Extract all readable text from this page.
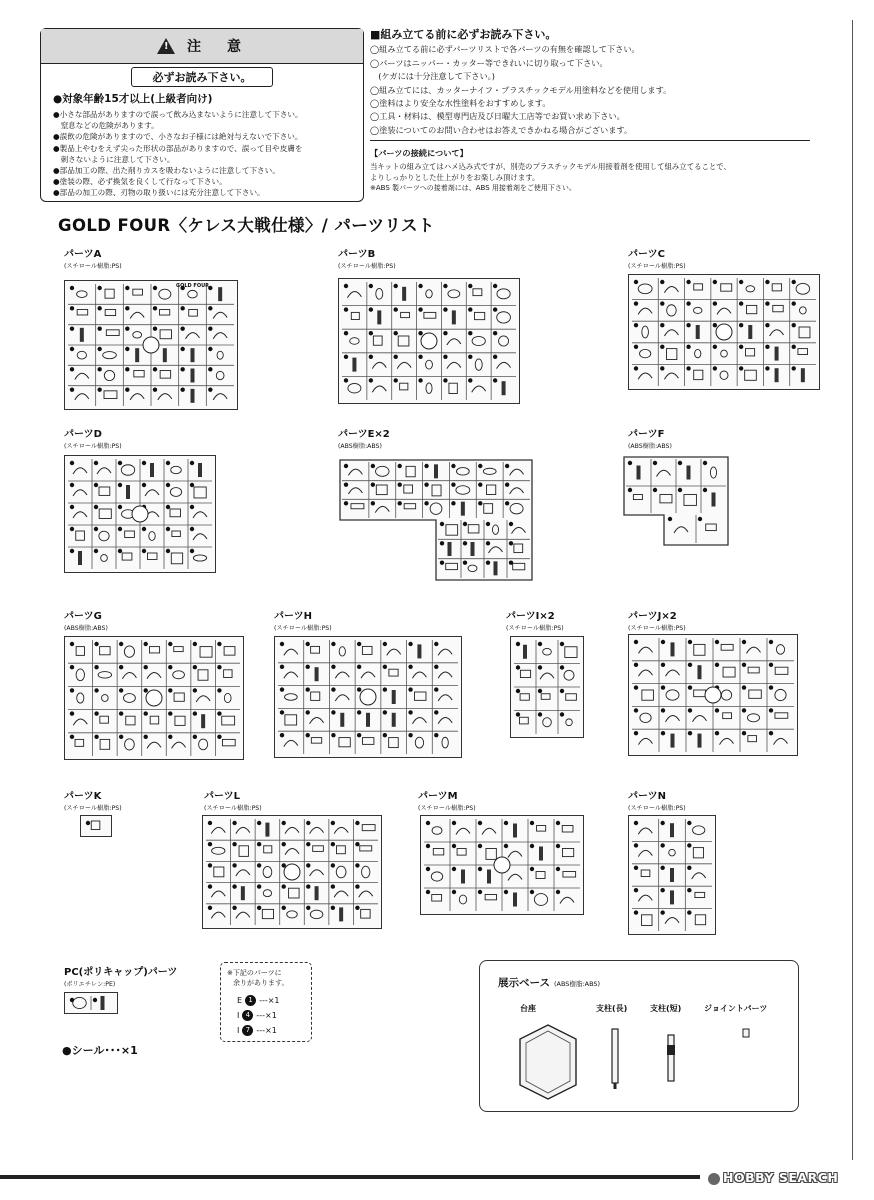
! 注　意
必ずお読み下さい。
●対象年齢15才以上(上級者向け)
●小さな部品がありますので誤って飲み込まないように注意して下さい。
　窒息などの危険があります。
●誤飲の危険がありますので、小さなお子様には絶対与えないで下さい。
●製品上やむをえず尖った形状の部品がありますので、誤って目や皮膚を
　刺さないように注意して下さい。
●部品加工の際、出た削りカスを吸わないように注意して下さい。
●塗装の際、必ず換気を良くして行なって下さい。
●部品の加工の際、刃物の取り扱いには充分注意して下さい。
■組み立てる前に必ずお読み下さい。
◯組み立てる前に必ずパーツリストで各パーツの有無を確認して下さい。
◯パーツはニッパー・カッター等できれいに切り取って下さい。
　(ケガには十分注意して下さい。)
◯組み立てには、カッターナイフ・プラスチックモデル用塗料などを使用します。
◯塗料はより安全な水性塗料をおすすめします。
◯工具・材料は、模型専門店及び日曜大工店等でお買い求め下さい。
◯塗装についてのお問い合わせはお答えできかねる場合がございます。
【パーツの接続について】
当キットの組み立てはハメ込み式ですが、別売のプラスチックモデル用接着剤を使用して組み立てることで、
よりしっかりとした仕上がりをお楽しみ頂けます。
※ABS 製パーツへの接着剤には、ABS 用接着剤をご使用下さい。
GOLD FOUR〈ケレス大戦仕様〉/ パーツリスト
パーツA
(スチロール樹脂:PS)
パーツB
(スチロール樹脂:PS)
パーツC
(スチロール樹脂:PS)
パーツD
(スチロール樹脂:PS)
パーツE×2
(ABS樹脂:ABS)
パーツF
(ABS樹脂:ABS)
パーツG
(ABS樹脂:ABS)
パーツH
(スチロール樹脂:PS)
パーツI×2
(スチロール樹脂:PS)
パーツJ×2
(スチロール樹脂:PS)
パーツK
(スチロール樹脂:PS)
パーツL
(スチロール樹脂:PS)
パーツM
(スチロール樹脂:PS)
パーツN
(スチロール樹脂:PS)
PC(ポリキャップ)パーツ
(ポリエチレン:PE)
GOLD FOUR
※下記のパーツに
余りがあります。
E 1 ---×1
I 4 ---×1
I 7 ---×1
●シール･･･×1
展示ベース (ABS樹脂:ABS)
台座	支柱(長)	支柱(短)	ジョイントパーツ
HOBBY SEARCH
